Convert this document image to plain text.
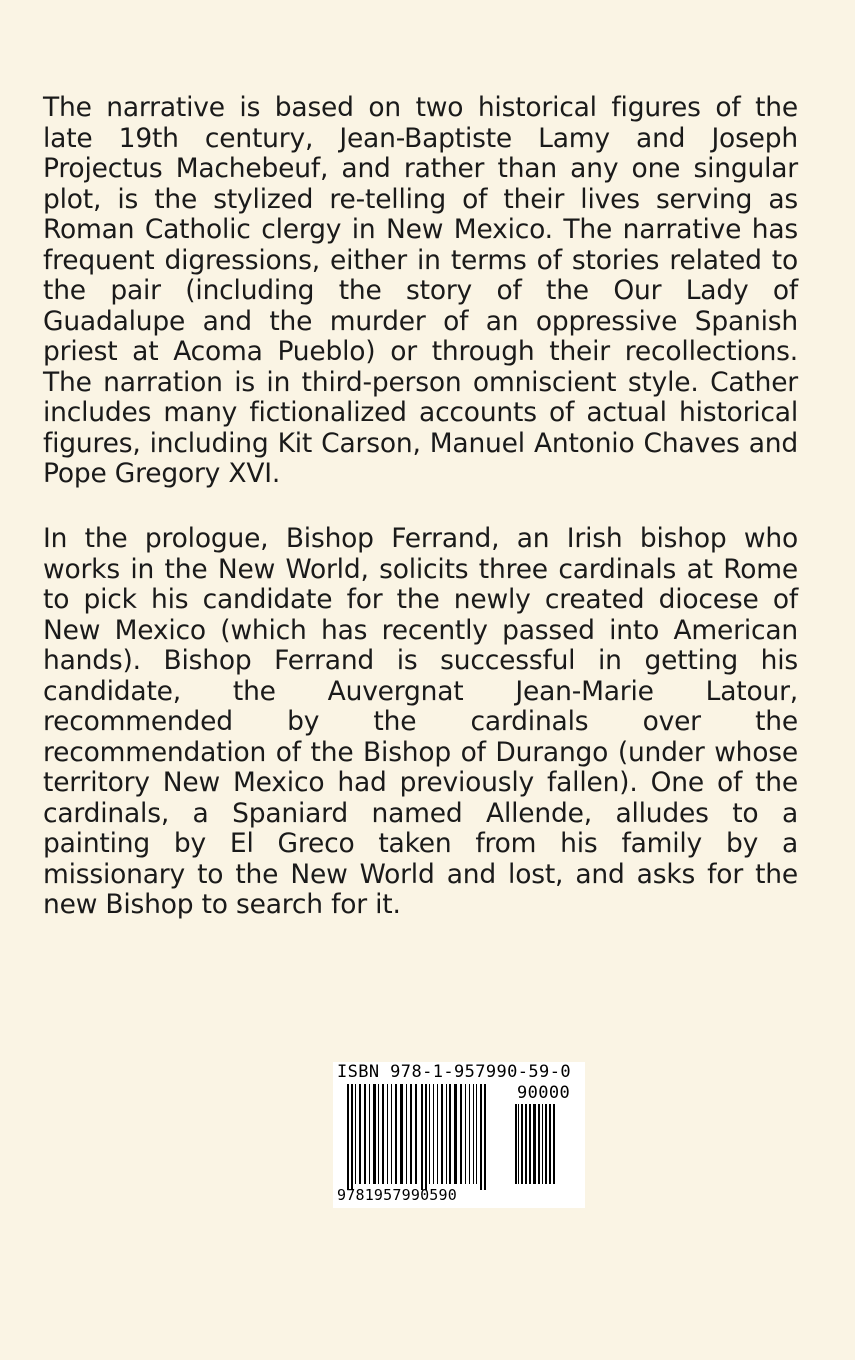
The narrative is based on two historical figures of the late 19th century, Jean-Baptiste Lamy and Joseph Projectus Machebeuf, and rather than any one singular plot, is the stylized re-telling of their lives serving as Roman Catholic clergy in New Mexico. The narrative has frequent digressions, either in terms of stories related to the pair (including the story of the Our Lady of Guadalupe and the murder of an oppressive Spanish priest at Acoma Pueblo) or through their recollections. The narration is in third-person omniscient style. Cather includes many fictionalized accounts of actual historical figures, including Kit Carson, Manuel Antonio Chaves and Pope Gregory XVI.

In the prologue, Bishop Ferrand, an Irish bishop who works in the New World, solicits three cardinals at Rome to pick his candidate for the newly created diocese of New Mexico (which has recently passed into American hands). Bishop Ferrand is successful in getting his candidate, the Auvergnat Jean-Marie Latour, recommended by the cardinals over the recommendation of the Bishop of Durango (under whose territory New Mexico had previously fallen). One of the cardinals, a Spaniard named Allende, alludes to a painting by El Greco taken from his family by a missionary to the New World and lost, and asks for the new Bishop to search for it.

ISBN 978-1-957990-59-0
90000
9781957990590
